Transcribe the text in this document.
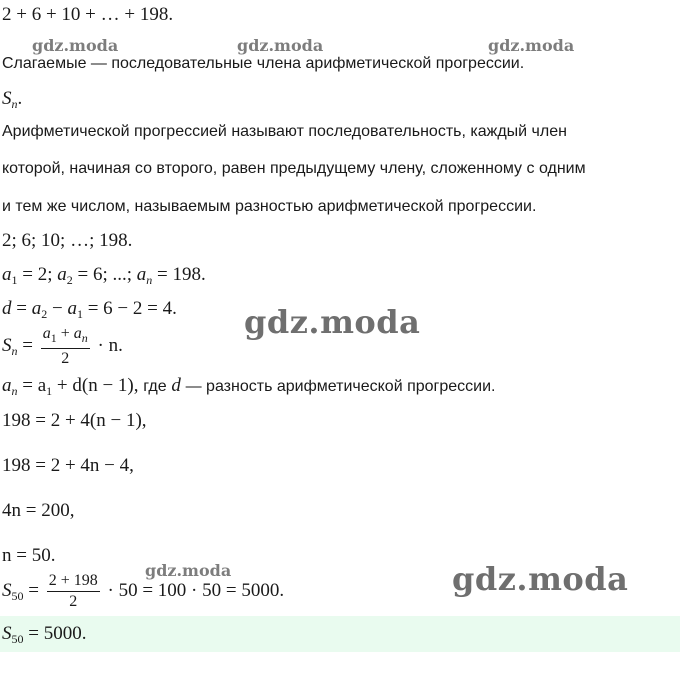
gdz.moda	gdz.moda	gdz.moda
gdz.moda
gdz.moda	gdz.moda
2 + 6 + 10 + … + 198.
Слагаемые — последовательные члена арифметической прогрессии.
$S_n$.
Арифметической прогрессией называют последовательность, каждый член
которой, начиная со второго, равен предыдущему члену, сложенному с одним
и тем же числом, называемым разностью арифметической прогрессии.
2; 6; 10; …; 198.
$a_1 = 2$; $a_2 = 6$; ...; $a_n = 198$.
$d = a_2 - a_1 = 6 - 2 = 4$.
$S_n = \frac{a_1 + a_n}{2} \cdot n$.
$a_n = a_1 + d(n - 1)$, где d — разность арифметической прогрессии.
198 = 2 + 4(n − 1),
198 = 2 + 4n − 4,
4n = 200,
n = 50.
$S_{50} = \frac{2 + 198}{2} \cdot 50 = 100 \cdot 50 = 5000$.
$S_{50} = 5000$.
